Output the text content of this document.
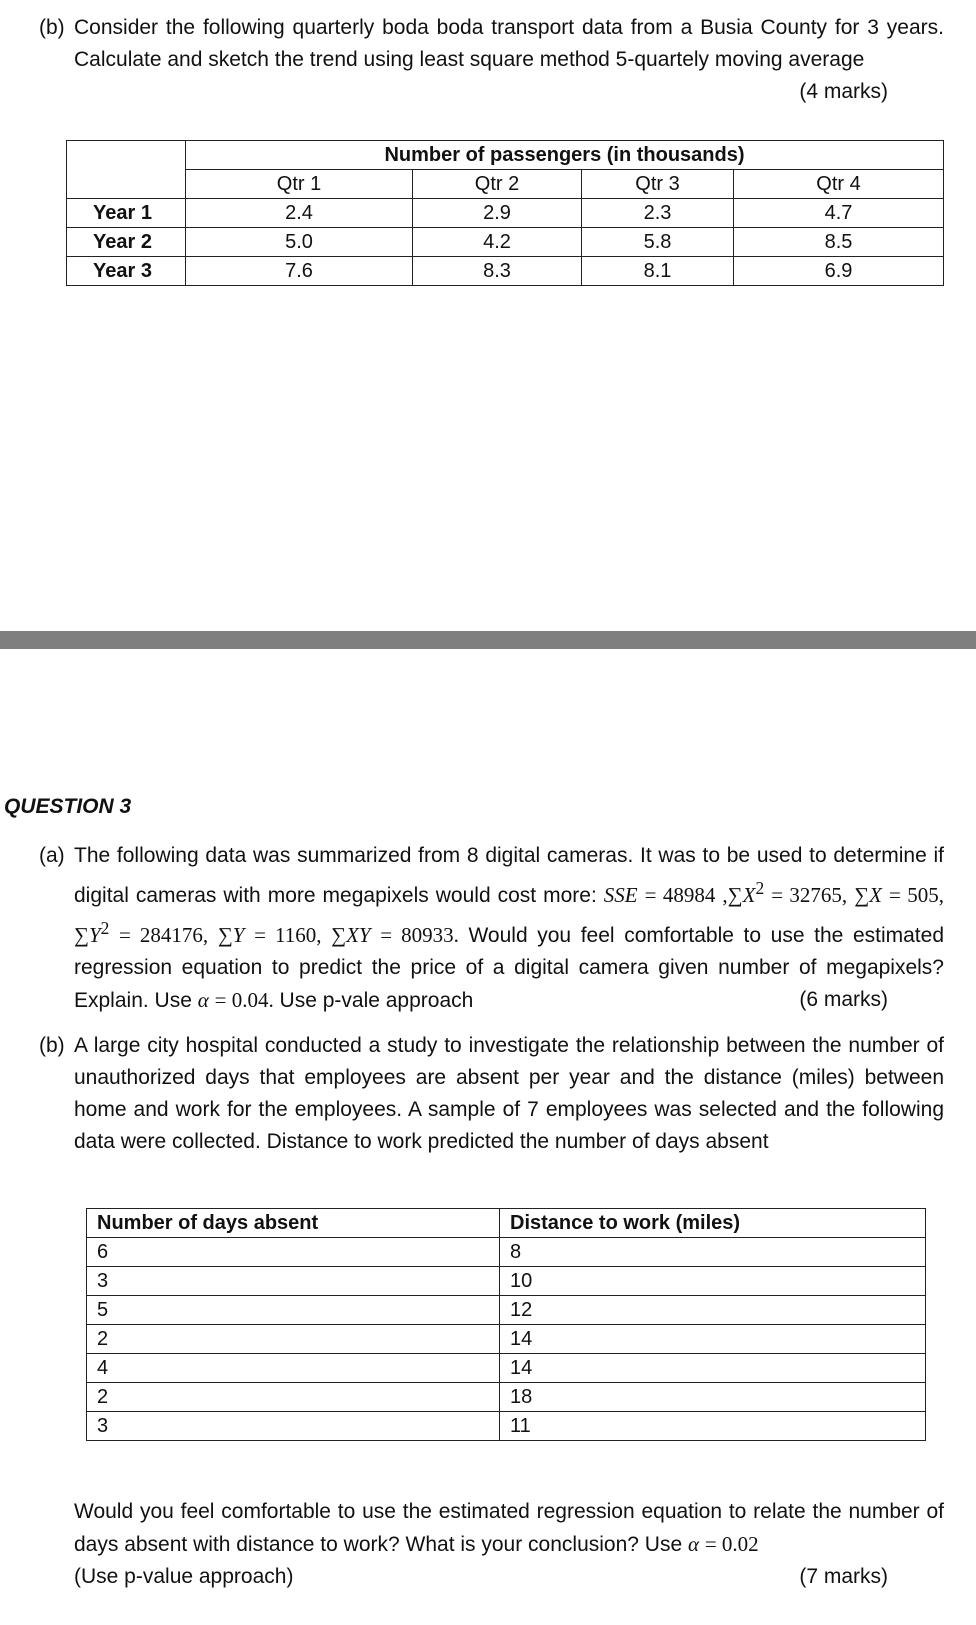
(b) Consider the following quarterly boda boda transport data from a Busia County for 3 years. Calculate and sketch the trend using least square method 5-quartely moving average

(4 marks)
	Number of passengers (in thousands)			
	Qtr 1	Qtr 2	Qtr 3	Qtr 4
Year 1	2.4	2.9	2.3	4.7
Year 2	5.0	4.2	5.8	8.5
Year 3	7.6	8.3	8.1	6.9
QUESTION 3
(a) The following data was summarized from 8 digital cameras. It was to be used to determine if digital cameras with more megapixels would cost more: SSE = 48984 $,\sum X^2 = 32765$, ∑X = 505, $\sum Y^2 = 284176$, ∑Y = 1160, ∑XY = 80933. Would you feel comfortable to use the estimated regression equation to predict the price of a digital camera given number of megapixels? Explain. Use α = 0.04. Use p-vale approach	(6 marks)
(b) A large city hospital conducted a study to investigate the relationship between the number of unauthorized days that employees are absent per year and the distance (miles) between home and work for the employees. A sample of 7 employees was selected and the following data were collected. Distance to work predicted the number of days absent
Number of days absent	Distance to work (miles)
6	8
3	10
5	12
2	14
4	14
2	18
3	11
Would you feel comfortable to use the estimated regression equation to relate the number of days absent with distance to work? What is your conclusion? Use α = 0.02
(Use p-value approach)	(7 marks)
